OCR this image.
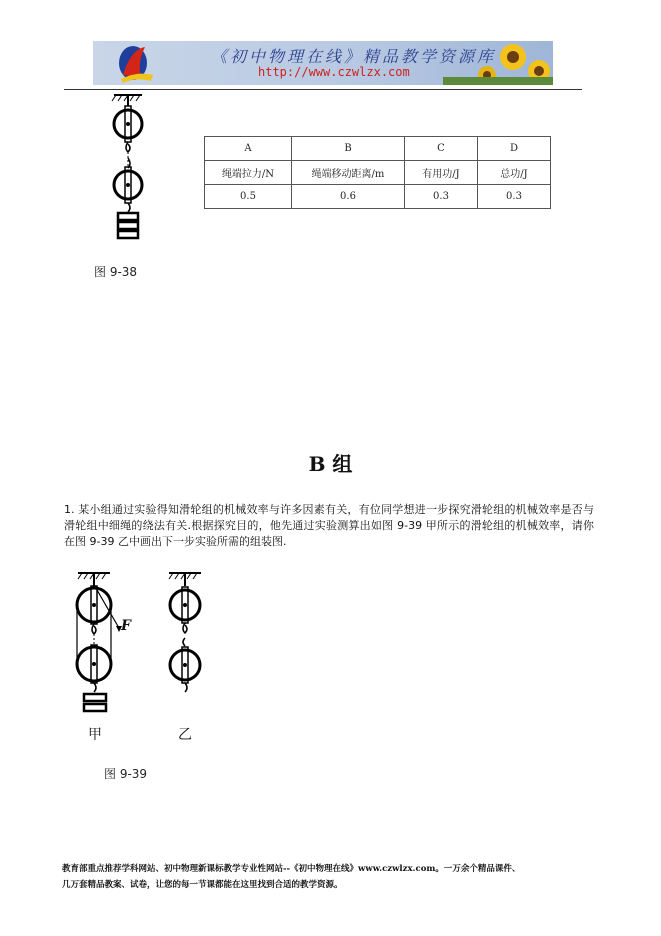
《初中物理在线》精品教学资源库
http://www.czwlzx.com
A	B	C	D
绳端拉力/N	绳端移动距离/m	有用功/J	总功/J
0.5	0.6	0.3	0.3
图 9-38
B 组
1. 某小组通过实验得知滑轮组的机械效率与许多因素有关，有位同学想进一步探究滑轮组的机械效率是否与滑轮组中细绳的绕法有关.根据探究目的，他先通过实验测算出如图 9-39 甲所示的滑轮组的机械效率，请你在图 9-39 乙中画出下一步实验所需的组装图.
F
甲	乙
图 9-39
教育部重点推荐学科网站、初中物理新课标教学专业性网站--《初中物理在线》www.czwlzx.com。一万余个精品课件、
几万套精品教案、试卷，让您的每一节课都能在这里找到合适的教学资源。
